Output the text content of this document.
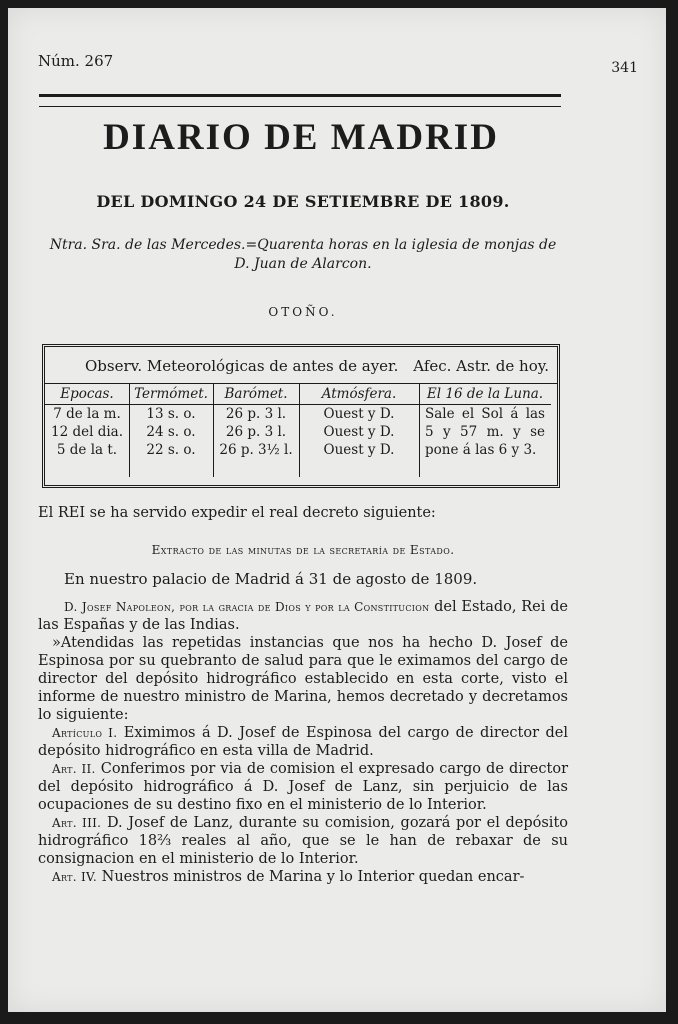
Núm. 267	341
DIARIO DE MADRID
DEL DOMINGO 24 DE SETIEMBRE DE 1809.
Ntra. Sra. de las Mercedes.=Quarenta horas en la iglesia de monjas de D. Juan de Alarcon.
OTOÑO.
Observ. Meteorológicas de antes de ayer. Afec. Astr. de hoy.
Epocas.
7 de la m.
12 del dia.
5 de la t.
Termómet.
13 s. o.
24 s. o.
22 s. o.
Barómet.
26 p. 3 l.
26 p. 3 l.
26 p. 3½ l.
Atmósfera.
Ouest y D.
Ouest y D.
Ouest y D.
El 16 de la Luna.
Sale el Sol á las 5 y 57 m. y se pone á las 6 y 3.
El REI se ha servido expedir el real decreto siguiente:
Extracto de las minutas de la secretaría de Estado.
En nuestro palacio de Madrid á 31 de agosto de 1809.
D. Josef Napoleon, por la gracia de Dios y por la Constitucion del Estado, Rei de las Españas y de las Indias.
»Atendidas las repetidas instancias que nos ha hecho D. Josef de Espinosa por su quebranto de salud para que le eximamos del cargo de director del depósito hidrográfico establecido en esta corte, visto el informe de nuestro ministro de Marina, hemos decretado y decretamos lo siguiente:
Artículo I. Eximimos á D. Josef de Espinosa del cargo de director del depósito hidrográfico en esta villa de Madrid.
Art. II. Conferimos por via de comision el expresado cargo de director del depósito hidrográfico á D. Josef de Lanz, sin perjuicio de las ocupaciones de su destino fixo en el ministerio de lo Interior.
Art. III. D. Josef de Lanz, durante su comision, gozará por el depósito hidrográfico 18⅔ reales al año, que se le han de rebaxar de su consignacion en el ministerio de lo Interior.
Art. IV. Nuestros ministros de Marina y lo Interior quedan encar-
